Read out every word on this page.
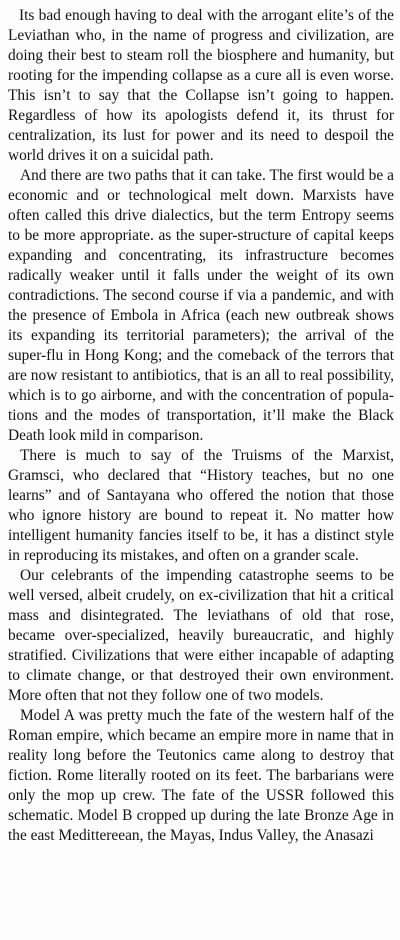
Its bad enough having to deal with the arrogant elite’s of the Leviathan who, in the name of progress and civilization, are doing their best to steam roll the biosphere and humanity, but rooting for the impending collapse as a cure all is even worse. This isn’t to say that the Collapse isn’t going to happen. Regardless of how its apologists defend it, its thrust for centralization, its lust for power and its need to despoil the world drives it on a suicidal path.

And there are two paths that it can take. The first would be a economic and or technological melt down. Marxists have often called this drive dialectics, but the term Entropy seems to be more appropriate. as the super-structure of capital keeps expanding and concentrating, its infrastructure becomes radically weaker until it falls under the weight of its own contradictions. The second course if via a pandemic, and with the presence of Embola in Africa (each new outbreak shows its expanding its territorial parameters); the arrival of the super-flu in Hong Kong; and the comeback of the terrors that are now resistant to antibiotics, that is an all to real possibility, which is to go airborne, and with the concentration of populations and the modes of transportation, it’ll make the Black Death look mild in comparison.

There is much to say of the Truisms of the Marxist, Gramsci, who declared that “History teaches, but no one learns” and of Santayana who offered the notion that those who ignore history are bound to repeat it. No matter how intelligent humanity fancies itself to be, it has a distinct style in reproducing its mistakes, and often on a grander scale.

Our celebrants of the impending catastrophe seems to be well versed, albeit crudely, on ex-civilization that hit a critical mass and disintegrated. The leviathans of old that rose, became over-specialized, heavily bureaucratic, and highly stratified. Civilizations that were either incapable of adapting to climate change, or that destroyed their own environment. More often that not they follow one of two models.

Model A was pretty much the fate of the western half of the Roman empire, which became an empire more in name that in reality long before the Teutonics came along to destroy that fiction. Rome literally rooted on its feet. The barbarians were only the mop up crew. The fate of the USSR followed this schematic. Model B cropped up during the late Bronze Age in the east Medittereean, the Mayas, Indus Valley, the Anasazi
